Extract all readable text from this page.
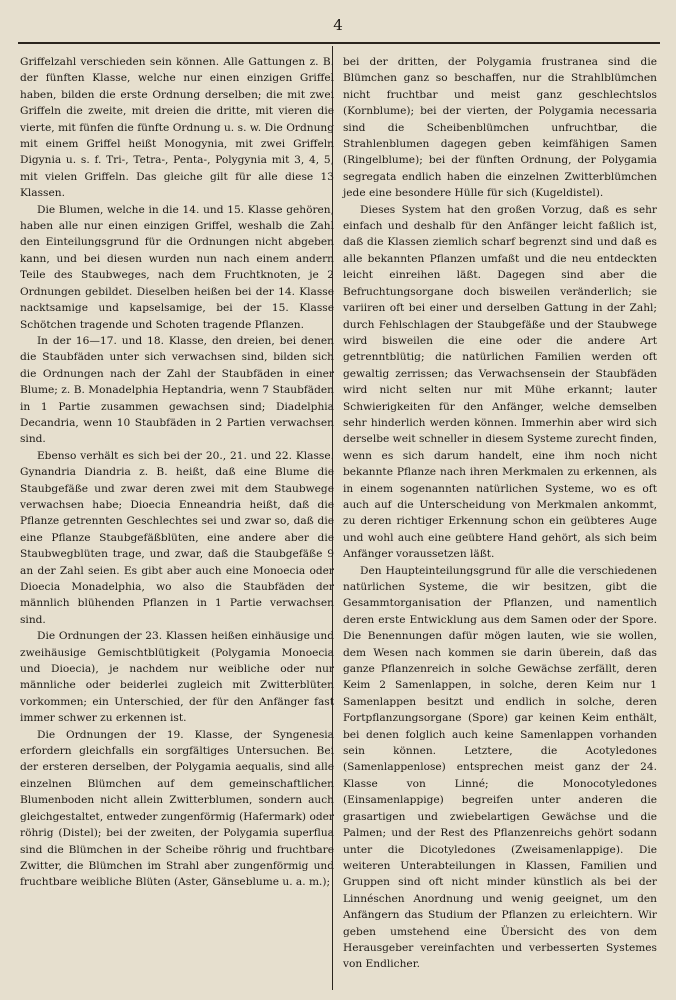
4

Griffelzahl verschieden sein können. Alle Gattungen z. B. der fünften Klasse, welche nur einen einzigen Griffel haben, bilden die erste Ordnung derselben; die mit zwei Griffeln die zweite, mit dreien die dritte, mit vieren die vierte, mit fünfen die fünfte Ordnung u. s. w. Die Ordnung mit einem Griffel heißt Monogynia, mit zwei Griffeln Digynia u. s. f. Tri-, Tetra-, Penta-, Polygynia mit 3, 4, 5, mit vielen Griffeln. Das gleiche gilt für alle diese 13 Klassen.

Die Blumen, welche in die 14. und 15. Klasse gehören, haben alle nur einen einzigen Griffel, weshalb die Zahl den Einteilungsgrund für die Ordnungen nicht abgeben kann, und bei diesen wurden nun nach einem andern Teile des Staubweges, nach dem Fruchtknoten, je 2 Ordnungen gebildet. Dieselben heißen bei der 14. Klasse nacktsamige und kapselsamige, bei der 15. Klasse Schötchen tragende und Schoten tragende Pflanzen.

In der 16—17. und 18. Klasse, den dreien, bei denen die Staubfäden unter sich verwachsen sind, bilden sich die Ordnungen nach der Zahl der Staubfäden in einer Blume; z. B. Monadelphia Heptandria, wenn 7 Staubfäden in 1 Partie zusammen gewachsen sind; Diadelphia Decandria, wenn 10 Staubfäden in 2 Partien verwachsen sind.

Ebenso verhält es sich bei der 20., 21. und 22. Klasse. Gynandria Diandria z. B. heißt, daß eine Blume die Staubgefäße und zwar deren zwei mit dem Staubwege verwachsen habe; Dioecia Enneandria heißt, daß die Pflanze getrennten Geschlechtes sei und zwar so, daß die eine Pflanze Staubgefäßblüten, eine andere aber die Staubwegblüten trage, und zwar, daß die Staubgefäße 9 an der Zahl seien. Es gibt aber auch eine Monoecia oder Dioecia Monadelphia, wo also die Staubfäden der männlich blühenden Pflanzen in 1 Partie verwachsen sind.

Die Ordnungen der 23. Klassen heißen einhäusige und zweihäusige Gemischtblütigkeit (Polygamia Monoecia und Dioecia), je nachdem nur weibliche oder nur männliche oder beiderlei zugleich mit Zwitterblüten vorkommen; ein Unterschied, der für den Anfänger fast immer schwer zu erkennen ist.

Die Ordnungen der 19. Klasse, der Syngenesia erfordern gleichfalls ein sorgfältiges Untersuchen. Bei der ersteren derselben, der Polygamia aequalis, sind alle einzelnen Blümchen auf dem gemeinschaftlichen Blumenboden nicht allein Zwitterblumen, sondern auch gleichgestaltet, entweder zungenförmig (Hafermark) oder röhrig (Distel); bei der zweiten, der Polygamia superflua sind die Blümchen in der Scheibe röhrig und fruchtbare Zwitter, die Blümchen im Strahl aber zungenförmig und fruchtbare weibliche Blüten (Aster, Gänseblume u. a. m.);

bei der dritten, der Polygamia frustranea sind die Blümchen ganz so beschaffen, nur die Strahlblümchen nicht fruchtbar und meist ganz geschlechtslos (Kornblume); bei der vierten, der Polygamia necessaria sind die Scheibenblümchen unfruchtbar, die Strahlenblumen dagegen geben keimfähigen Samen (Ringelblume); bei der fünften Ordnung, der Polygamia segregata endlich haben die einzelnen Zwitterblümchen jede eine besondere Hülle für sich (Kugeldistel).

Dieses System hat den großen Vorzug, daß es sehr einfach und deshalb für den Anfänger leicht faßlich ist, daß die Klassen ziemlich scharf begrenzt sind und daß es alle bekannten Pflanzen umfaßt und die neu entdeckten leicht einreihen läßt. Dagegen sind aber die Befruchtungsorgane doch bisweilen veränderlich; sie variiren oft bei einer und derselben Gattung in der Zahl; durch Fehlschlagen der Staubgefäße und der Staubwege wird bisweilen die eine oder die andere Art getrenntblütig; die natürlichen Familien werden oft gewaltig zerrissen; das Verwachsensein der Staubfäden wird nicht selten nur mit Mühe erkannt; lauter Schwierigkeiten für den Anfänger, welche demselben sehr hinderlich werden können. Immerhin aber wird sich derselbe weit schneller in diesem Systeme zurecht finden, wenn es sich darum handelt, eine ihm noch nicht bekannte Pflanze nach ihren Merkmalen zu erkennen, als in einem sogenannten natürlichen Systeme, wo es oft auch auf die Unterscheidung von Merkmalen ankommt, zu deren richtiger Erkennung schon ein geübteres Auge und wohl auch eine geübtere Hand gehört, als sich beim Anfänger voraussetzen läßt.

Den Haupteinteilungsgrund für alle die verschiedenen natürlichen Systeme, die wir besitzen, gibt die Gesammtorganisation der Pflanzen, und namentlich deren erste Entwicklung aus dem Samen oder der Spore. Die Benennungen dafür mögen lauten, wie sie wollen, dem Wesen nach kommen sie darin überein, daß das ganze Pflanzenreich in solche Gewächse zerfällt, deren Keim 2 Samenlappen, in solche, deren Keim nur 1 Samenlappen besitzt und endlich in solche, deren Fortpflanzungsorgane (Spore) gar keinen Keim enthält, bei denen folglich auch keine Samenlappen vorhanden sein können. Letztere, die Acotyledones (Samenlappenlose) entsprechen meist ganz der 24. Klasse von Linné; die Monocotyledones (Einsamenlappige) begreifen unter anderen die grasartigen und zwiebelartigen Gewächse und die Palmen; und der Rest des Pflanzenreichs gehört sodann unter die Dicotyledones (Zweisamenlappige). Die weiteren Unterabteilungen in Klassen, Familien und Gruppen sind oft nicht minder künstlich als bei der Linnéschen Anordnung und wenig geeignet, um den Anfängern das Studium der Pflanzen zu erleichtern. Wir geben umstehend eine Übersicht des von dem Herausgeber vereinfachten und verbesserten Systemes von Endlicher.
